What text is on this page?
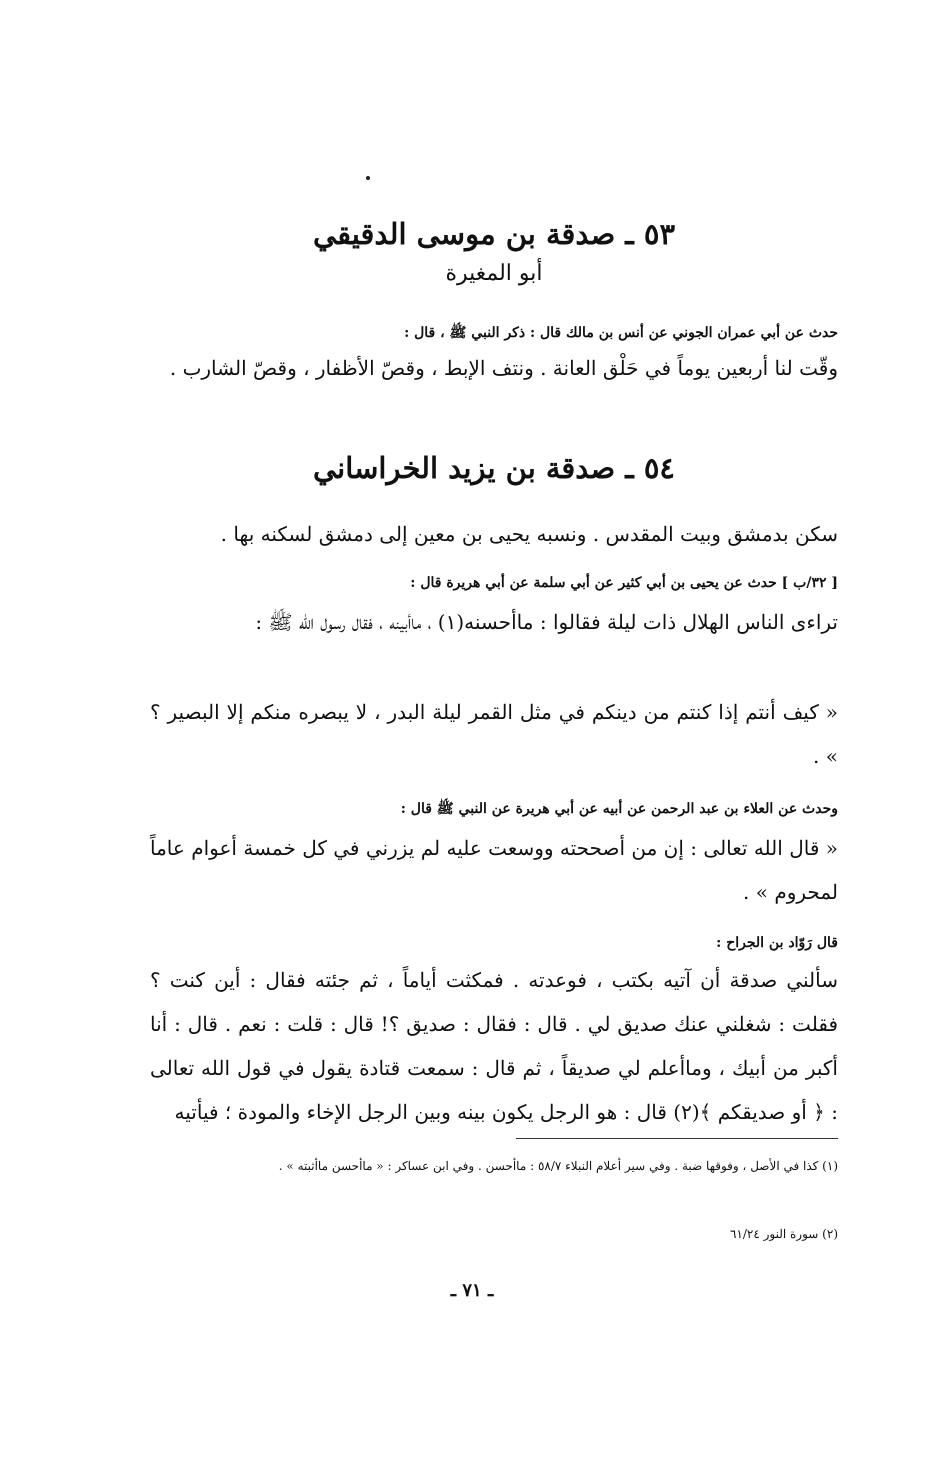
٥٣ ـ صدقة بن موسى الدقيقي
أبو المغيرة
حدث عن أبي عمران الجوني عن أنس بن مالك قال : ذكر النبي ﷺ ، قال :
وقّت لنا أربعين يوماً في حَلْق العانة . ونتف الإبط ، وقصّ الأظفار ، وقصّ الشارب .
٥٤ ـ صدقة بن يزيد الخراساني
سكن بدمشق وبيت المقدس . ونسبه يحيى بن معين إلى دمشق لسكنه بها .
[ ٣٢/ب ] حدث عن يحيى بن أبي كثير عن أبي سلمة عن أبي هريرة قال :
تراءى الناس الهلال ذات ليلة فقالوا : ماأحسنه(١) ، ماأبينه ، فقال رسول الله ﷺ :
« كيف أنتم إذا كنتم من دينكم في مثل القمر ليلة البدر ، لا يبصره منكم إلا البصير ؟ » .
وحدث عن العلاء بن عبد الرحمن عن أبيه عن أبي هريرة عن النبي ﷺ قال :
« قال الله تعالى : إن من أصححته ووسعت عليه لم يزرني في كل خمسة أعوام عاماً لمحروم » .
قال رَوّاد بن الجراح :
سألني صدقة أن آتيه بكتب ، فوعدته . فمكثت أياماً ، ثم جئته فقال : أين كنت ؟ فقلت : شغلني عنك صديق لي . قال : فقال : صديق ؟! قال : قلت : نعم . قال : أنا أكبر من أبيك ، وماأعلم لي صديقاً ، ثم قال : سمعت قتادة يقول في قول الله تعالى : ﴿ أو صديقكم ﴾(٢) قال : هو الرجل يكون بينه وبين الرجل الإخاء والمودة ؛ فيأتيه
(١) كذا في الأصل ، وفوقها ضبة . وفي سير أعلام النبلاء ٥٨/٧ : ماأحسن . وفي ابن عساكر : « ماأحسن ماأثبته » .
(٢) سورة النور ٦١/٢٤
ـ ٧١ ـ
